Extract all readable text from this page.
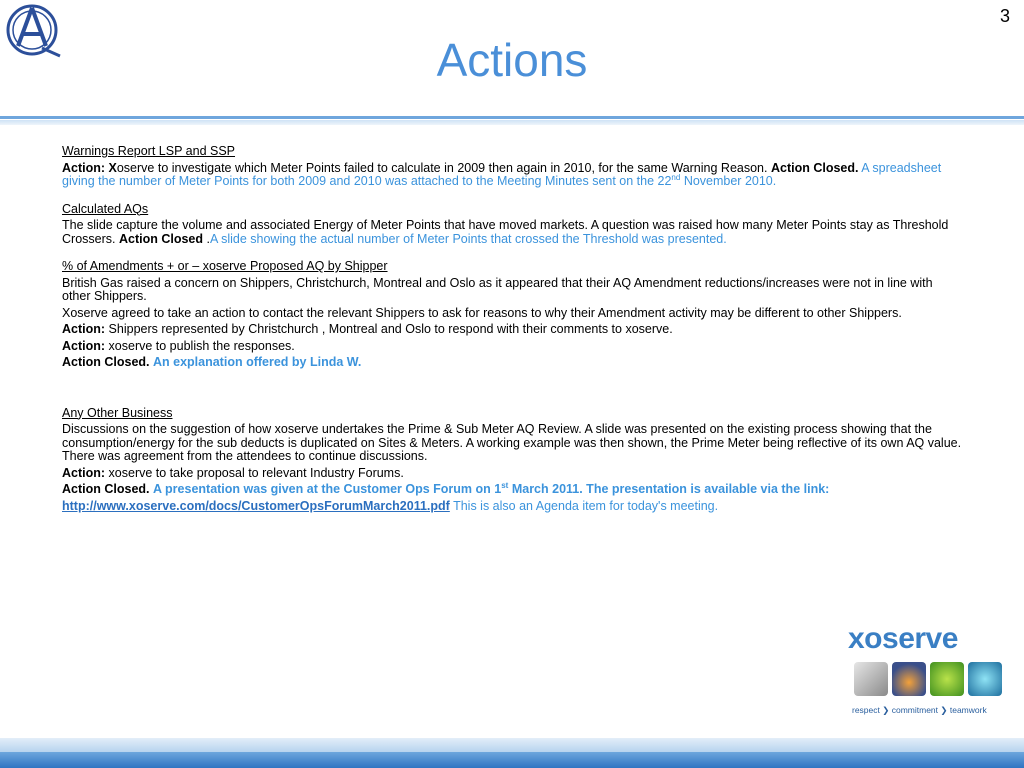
3
Actions

Warnings Report LSP and SSP

Action: Xoserve to investigate which Meter Points failed to calculate in 2009 then again in 2010, for the same Warning Reason. Action Closed. A spreadsheet giving the number of Meter Points for both 2009 and 2010 was attached to the Meeting Minutes sent on the 22nd November 2010.

Calculated AQs

The slide capture the volume and associated Energy of Meter Points that have moved markets. A question was raised how many Meter Points stay as Threshold Crossers. Action Closed .A slide showing the actual number of Meter Points that crossed the Threshold was presented.

% of Amendments + or – xoserve Proposed AQ by Shipper

British Gas raised a concern on Shippers, Christchurch, Montreal and Oslo as it appeared that their AQ Amendment reductions/increases were not in line with other Shippers.

Xoserve agreed to take an action to contact the relevant Shippers to ask for reasons to why their Amendment activity may be different to other Shippers.

Action: Shippers represented by Christchurch , Montreal and Oslo to respond with their comments to xoserve.

Action: xoserve to publish the responses.

Action Closed. An explanation offered by Linda W.

Any Other Business

Discussions on the suggestion of how xoserve undertakes the Prime & Sub Meter AQ Review. A slide was presented on the existing process showing that the consumption/energy for the sub deducts is duplicated on Sites & Meters. A working example was then shown, the Prime Meter being reflective of its own AQ value. There was agreement from the attendees to continue discussions.

Action: xoserve to take proposal to relevant Industry Forums.

Action Closed. A presentation was given at the Customer Ops Forum on 1st March 2011. The presentation is available via the link:

http://www.xoserve.com/docs/CustomerOpsForumMarch2011.pdf This is also an Agenda item for today's meeting.

xoserve
respect ❯ commitment ❯ teamwork
